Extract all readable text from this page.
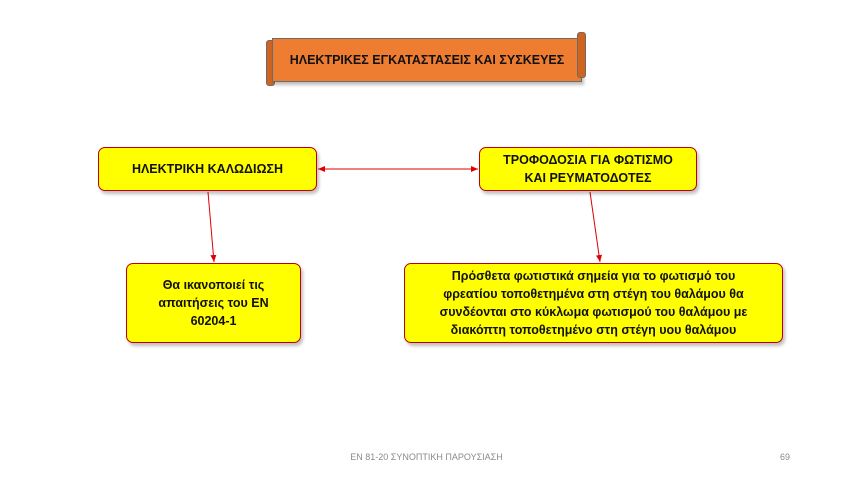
ΗΛΕΚΤΡΙΚΕΣ ΕΓΚΑΤΑΣΤΑΣΕΙΣ ΚΑΙ ΣΥΣΚΕΥΕΣ
ΗΛΕΚΤΡΙΚΗ ΚΑΛΩΔΙΩΣΗ
ΤΡΟΦΟΔΟΣΙΑ ΓΙΑ ΦΩΤΙΣΜΟ
ΚΑΙ ΡΕΥΜΑΤΟΔΟΤΕΣ
Θα ικανοποιεί τις
απαιτήσεις του EN
60204-1
Πρόσθετα φωτιστικά σημεία για το φωτισμό του
φρεατίου τοποθετημένα στη στέγη του θαλάμου θα
συνδέονται στο κύκλωμα φωτισμού του θαλάμου με
διακόπτη τοποθετημένο στη στέγη υου θαλάμου
EN 81-20 ΣΥΝΟΠΤΙΚΗ ΠΑΡΟΥΣΙΑΣΗ	69
